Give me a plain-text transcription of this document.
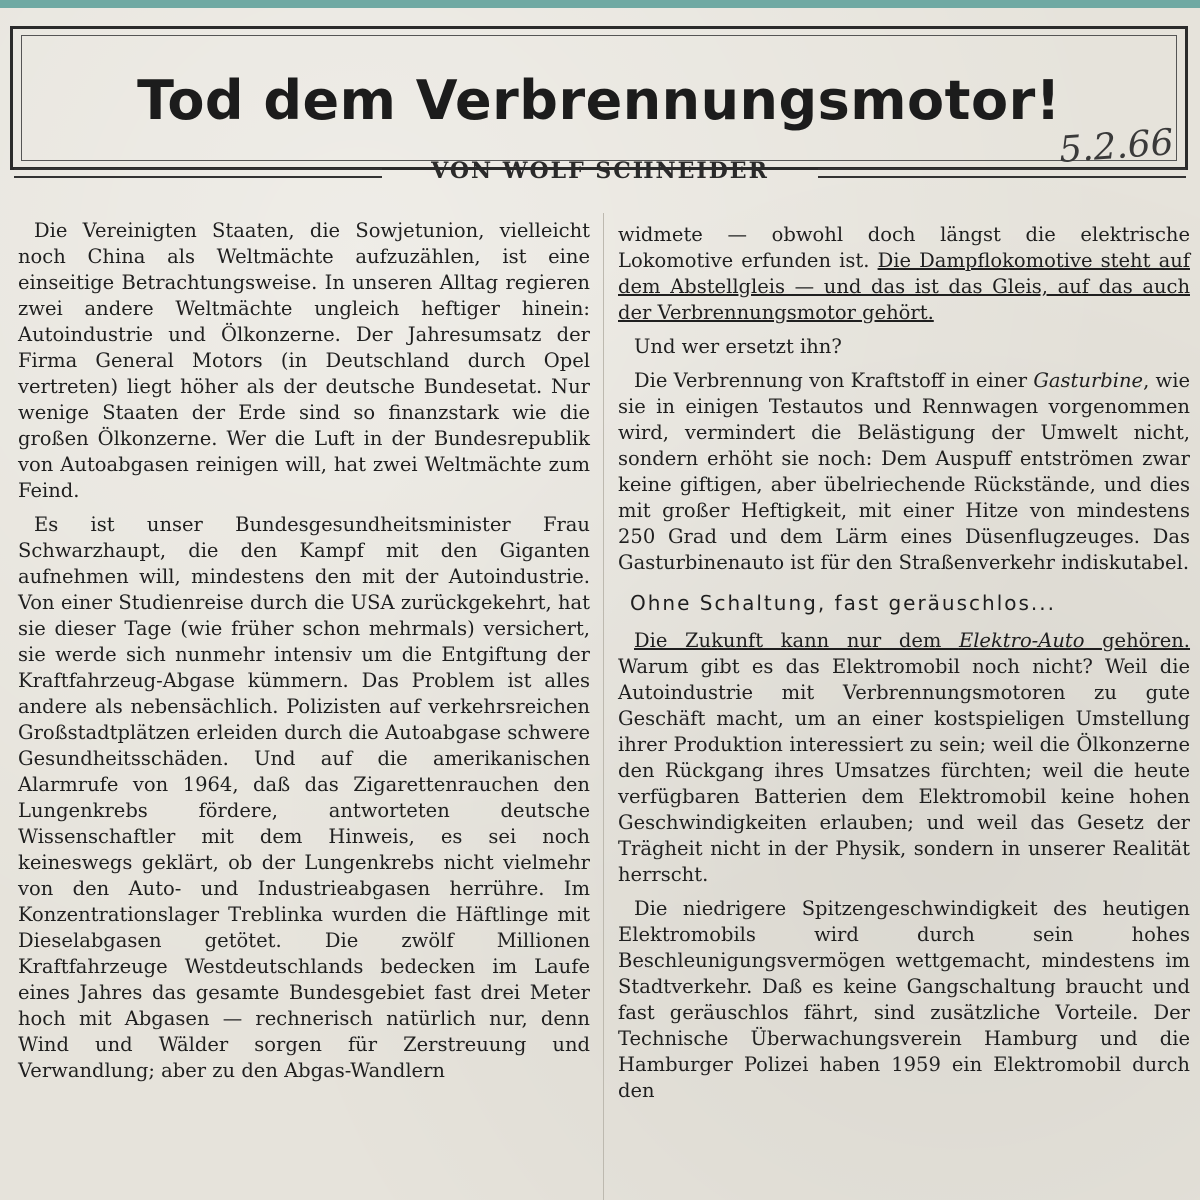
Tod dem Verbrennungsmotor!
5.2.66

VON WOLF SCHNEIDER

Die Vereinigten Staaten, die Sowjetunion, vielleicht noch China als Weltmächte aufzuzählen, ist eine einseitige Betrachtungsweise. In unseren Alltag regieren zwei andere Weltmächte ungleich heftiger hinein: Autoindustrie und Ölkonzerne. Der Jahresumsatz der Firma General Motors (in Deutschland durch Opel vertreten) liegt höher als der deutsche Bundesetat. Nur wenige Staaten der Erde sind so finanzstark wie die großen Ölkonzerne. Wer die Luft in der Bundesrepublik von Autoabgasen reinigen will, hat zwei Weltmächte zum Feind.

Es ist unser Bundesgesundheitsminister Frau Schwarzhaupt, die den Kampf mit den Giganten aufnehmen will, mindestens den mit der Autoindustrie. Von einer Studienreise durch die USA zurückgekehrt, hat sie dieser Tage (wie früher schon mehrmals) versichert, sie werde sich nunmehr intensiv um die Entgiftung der Kraftfahrzeug-Abgase kümmern. Das Problem ist alles andere als nebensächlich. Polizisten auf verkehrsreichen Großstadtplätzen erleiden durch die Autoabgase schwere Gesundheitsschäden. Und auf die amerikanischen Alarmrufe von 1964, daß das Zigarettenrauchen den Lungenkrebs fördere, antworteten deutsche Wissenschaftler mit dem Hinweis, es sei noch keineswegs geklärt, ob der Lungenkrebs nicht vielmehr von den Auto- und Industrieabgasen herrühre. Im Konzentrationslager Treblinka wurden die Häftlinge mit Dieselabgasen getötet. Die zwölf Millionen Kraftfahrzeuge Westdeutschlands bedecken im Laufe eines Jahres das gesamte Bundesgebiet fast drei Meter hoch mit Abgasen — rechnerisch natürlich nur, denn Wind und Wälder sorgen für Zerstreuung und Verwandlung; aber zu den Abgas-Wandlern

widmete — obwohl doch längst die elektrische Lokomotive erfunden ist. Die Dampflokomotive steht auf dem Abstellgleis — und das ist das Gleis, auf das auch der Verbrennungsmotor gehört.

Und wer ersetzt ihn?

Die Verbrennung von Kraftstoff in einer Gasturbine, wie sie in einigen Testautos und Rennwagen vorgenommen wird, vermindert die Belästigung der Umwelt nicht, sondern erhöht sie noch: Dem Auspuff entströmen zwar keine giftigen, aber übelriechende Rückstände, und dies mit großer Heftigkeit, mit einer Hitze von mindestens 250 Grad und dem Lärm eines Düsenflugzeuges. Das Gasturbinenauto ist für den Straßenverkehr indiskutabel.

Ohne Schaltung, fast geräuschlos...

Die Zukunft kann nur dem Elektro-Auto gehören. Warum gibt es das Elektromobil noch nicht? Weil die Autoindustrie mit Verbrennungsmotoren zu gute Geschäft macht, um an einer kostspieligen Umstellung ihrer Produktion interessiert zu sein; weil die Ölkonzerne den Rückgang ihres Umsatzes fürchten; weil die heute verfügbaren Batterien dem Elektromobil keine hohen Geschwindigkeiten erlauben; und weil das Gesetz der Trägheit nicht in der Physik, sondern in unserer Realität herrscht.

Die niedrigere Spitzengeschwindigkeit des heutigen Elektromobils wird durch sein hohes Beschleunigungsvermögen wettgemacht, mindestens im Stadtverkehr. Daß es keine Gangschaltung braucht und fast geräuschlos fährt, sind zusätzliche Vorteile. Der Technische Überwachungsverein Hamburg und die Hamburger Polizei haben 1959 ein Elektromobil durch den
